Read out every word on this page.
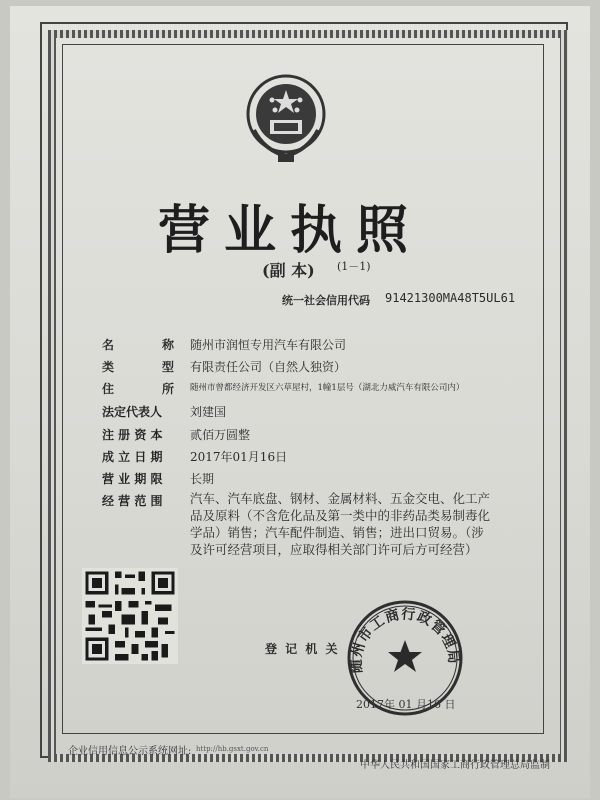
营业执照
(副 本) (1－1)
统一社会信用代码 91421300MA48T5UL61
名	称 随州市润恒专用汽车有限公司
类	型 有限责任公司（自然人独资）
住	所 随州市曾都经济开发区六草屋村，1幢1层号（湖北力威汽车有限公司内）
法定代表人 刘建国
注 册 资 本 贰佰万圆整
成 立 日 期 2017年01月16日
营 业 期 限 长期
经 营 范 围 汽车、汽车底盘、钢材、金属材料、五金交电、化工产品及原料（不含危化品及第一类中的非药品类易制毒化学品）销售；汽车配件制造、销售；进出口贸易。（涉及许可经营项目，应取得相关部门许可后方可经营）
登 记 机 关
随州市工商行政管理局
2017年 01 月16 日
企业信用信息公示系统网址: http://hb.gsxt.gov.cn
中华人民共和国国家工商行政管理总局监制
